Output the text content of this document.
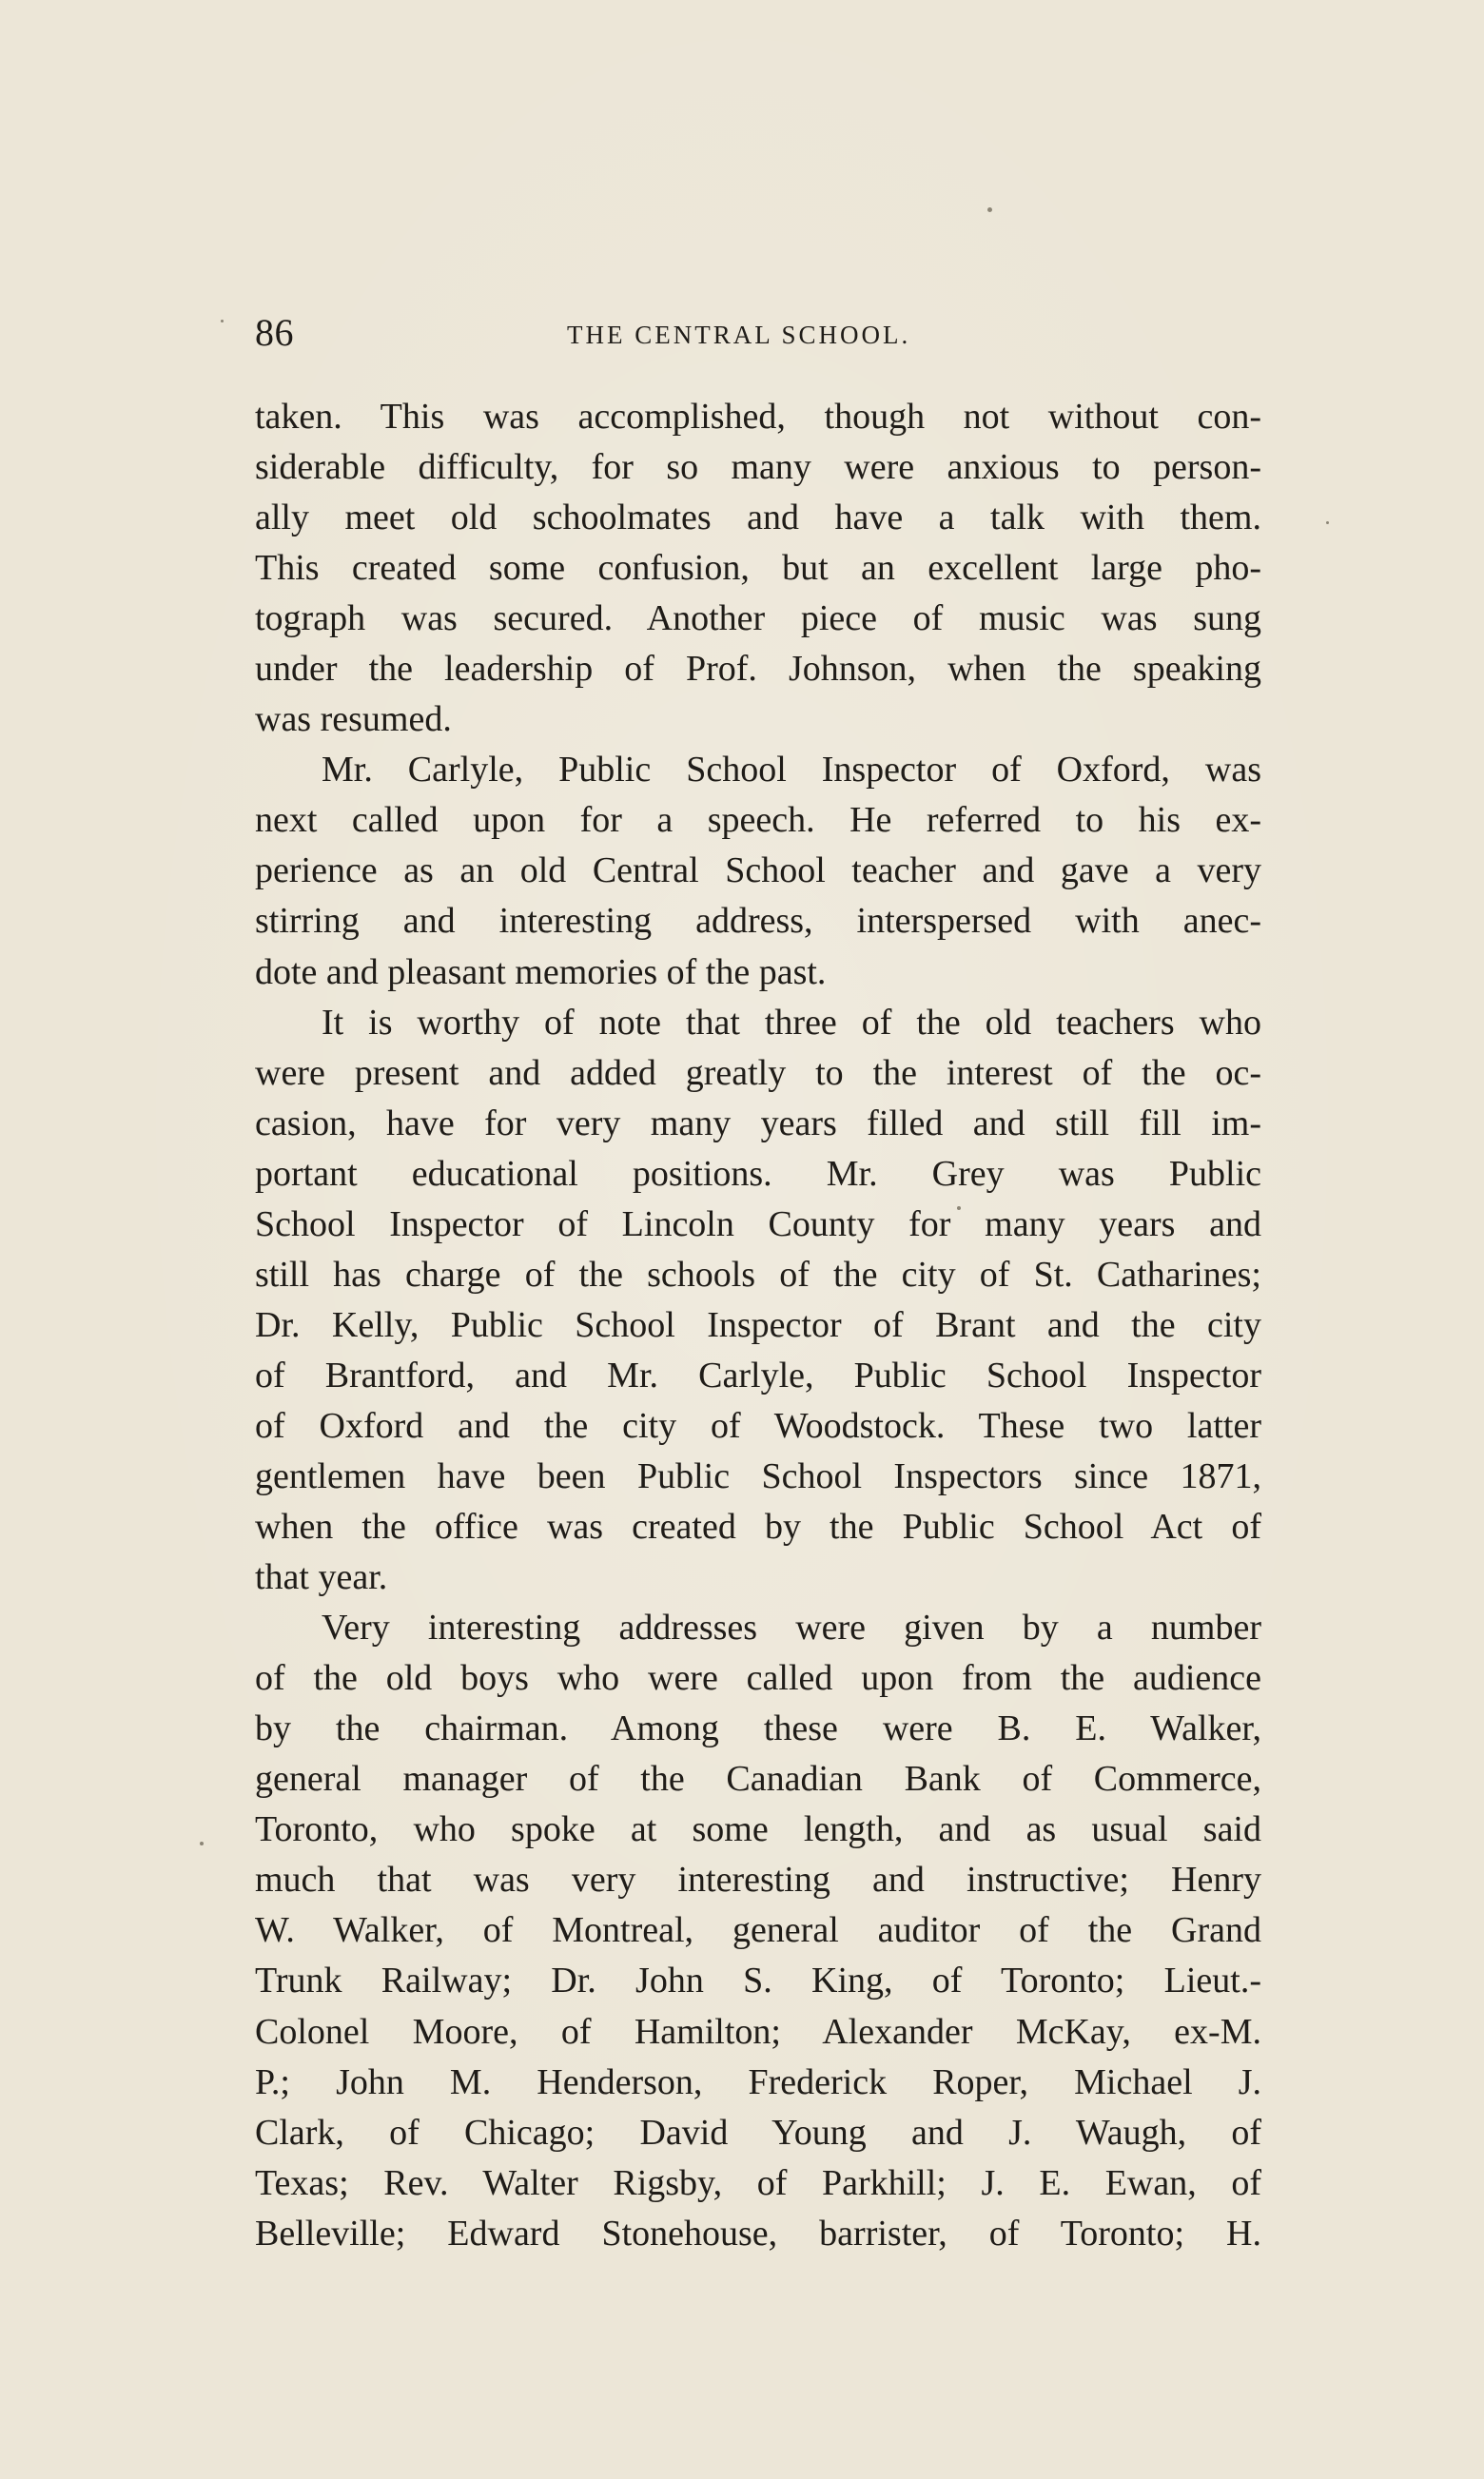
86	THE CENTRAL SCHOOL.
taken. This was accomplished, though not without con-
siderable difficulty, for so many were anxious to person-
ally meet old schoolmates and have a talk with them.
This created some confusion, but an excellent large pho-
tograph was secured. Another piece of music was sung
under the leadership of Prof. Johnson, when the speaking
was resumed.
Mr. Carlyle, Public School Inspector of Oxford, was
next called upon for a speech. He referred to his ex-
perience as an old Central School teacher and gave a very
stirring and interesting address, interspersed with anec-
dote and pleasant memories of the past.
It is worthy of note that three of the old teachers who
were present and added greatly to the interest of the oc-
casion, have for very many years filled and still fill im-
portant educational positions. Mr. Grey was Public
School Inspector of Lincoln County for many years and
still has charge of the schools of the city of St. Catharines;
Dr. Kelly, Public School Inspector of Brant and the city
of Brantford, and Mr. Carlyle, Public School Inspector
of Oxford and the city of Woodstock. These two latter
gentlemen have been Public School Inspectors since 1871,
when the office was created by the Public School Act of
that year.
Very interesting addresses were given by a number
of the old boys who were called upon from the audience
by the chairman. Among these were B. E. Walker,
general manager of the Canadian Bank of Commerce,
Toronto, who spoke at some length, and as usual said
much that was very interesting and instructive; Henry
W. Walker, of Montreal, general auditor of the Grand
Trunk Railway; Dr. John S. King, of Toronto; Lieut.-
Colonel Moore, of Hamilton; Alexander McKay, ex-M.
P.; John M. Henderson, Frederick Roper, Michael J.
Clark, of Chicago; David Young and J. Waugh, of
Texas; Rev. Walter Rigsby, of Parkhill; J. E. Ewan, of
Belleville; Edward Stonehouse, barrister, of Toronto; H.
